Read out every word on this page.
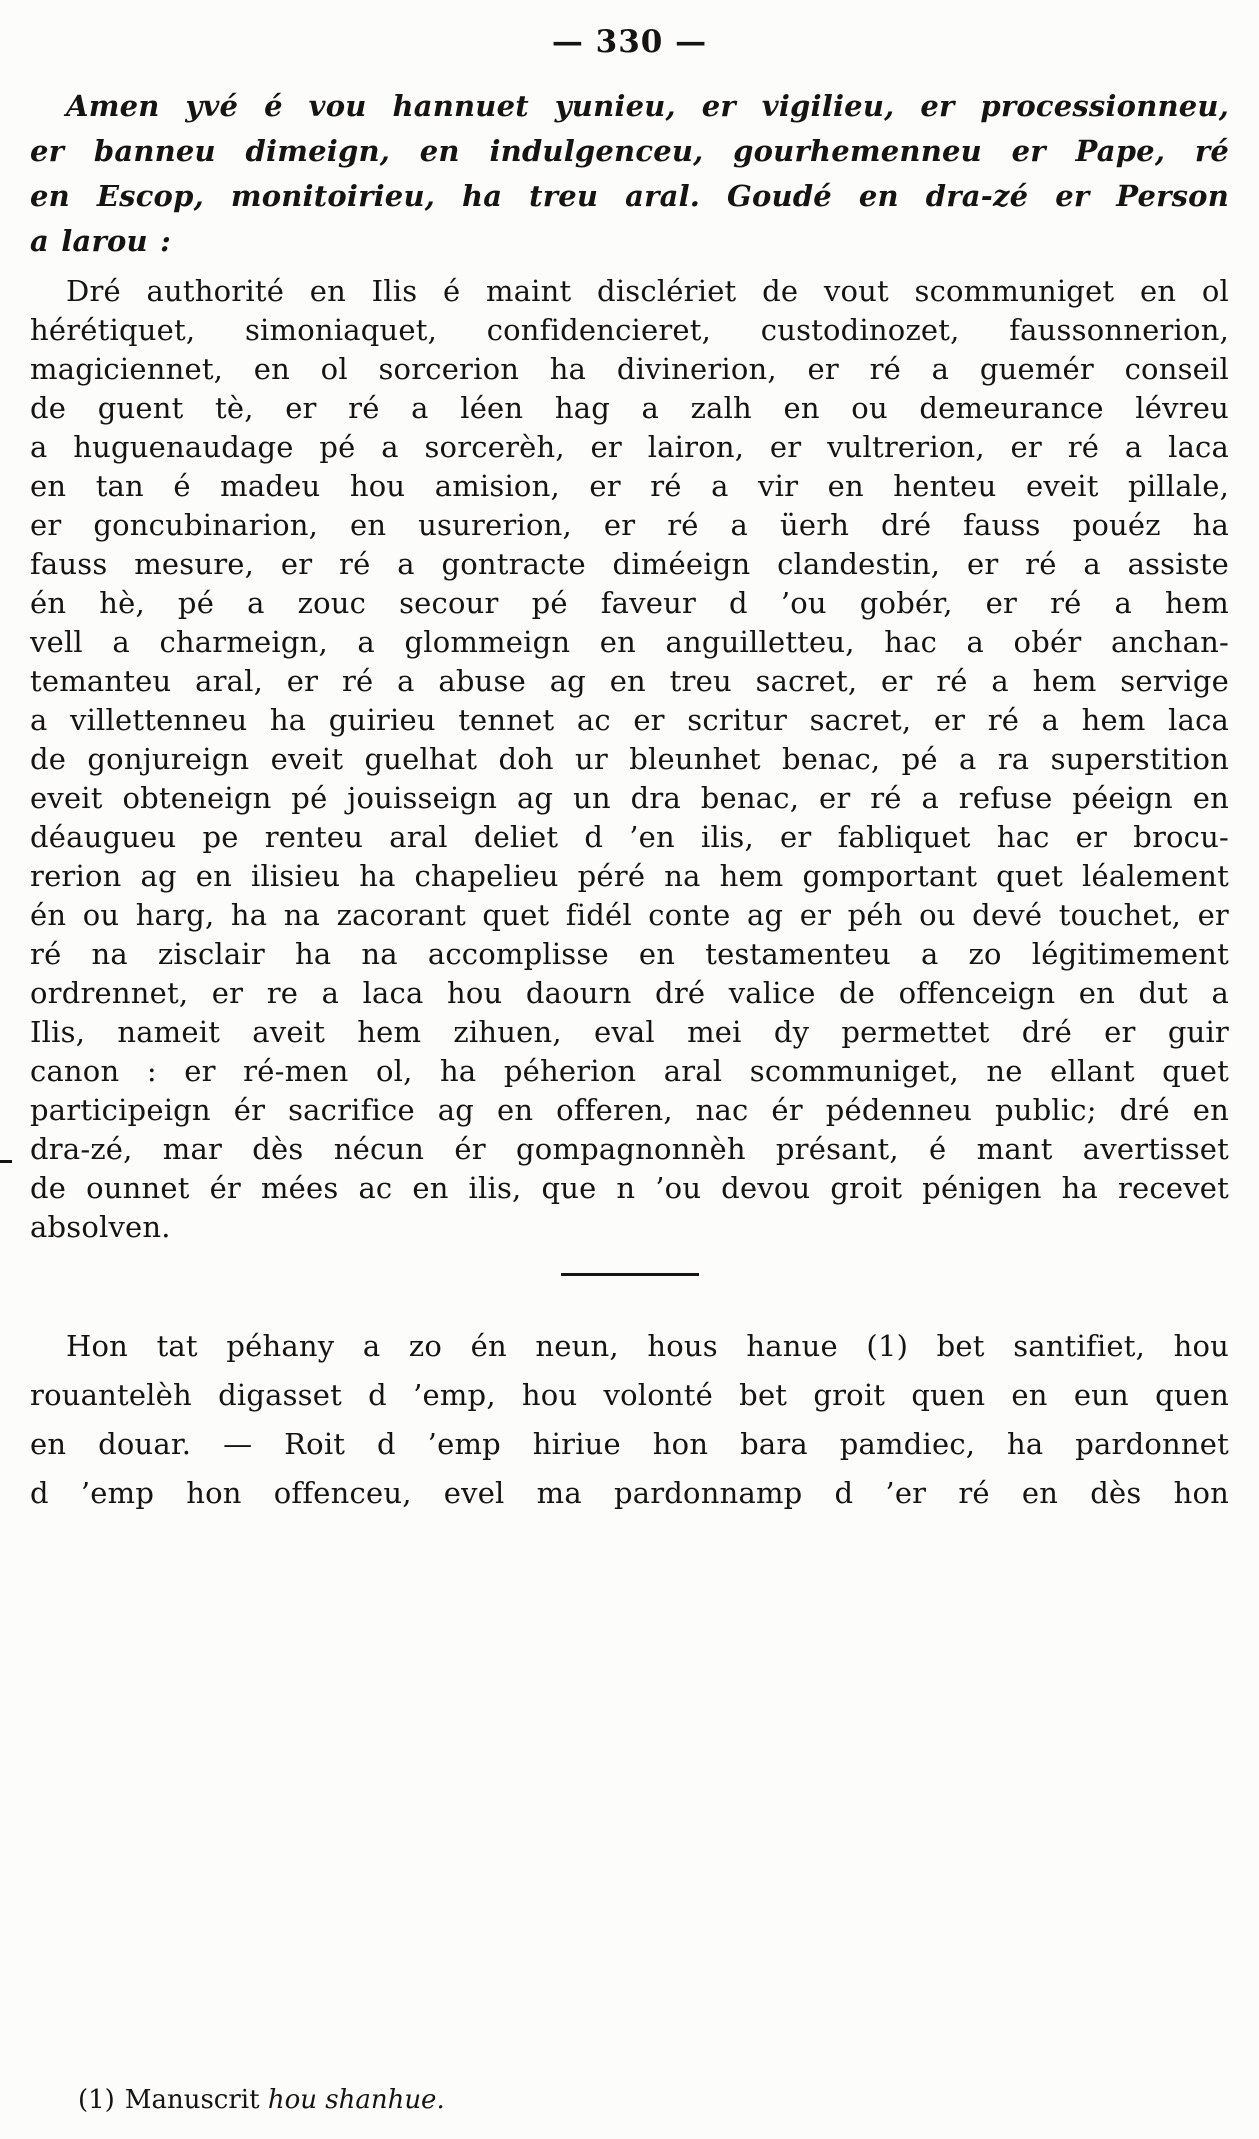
— 330 —
Amen yvé é vou hannuet yunieu, er vigilieu, er processionneu,
er banneu dimeign, en indulgenceu, gourhemenneu er Pape, ré
en Escop, monitoirieu, ha treu aral. Goudé en dra-zé er Person
a larou :
Dré authorité en Ilis é maint disclériet de vout scommuniget en ol
hérétiquet, simoniaquet, confidencieret, custodinozet, faussonnerion,
magiciennet, en ol sorcerion ha divinerion, er ré a guemér conseil
de guent tè, er ré a léen hag a zalh en ou demeurance lévreu
a huguenaudage pé a sorcerèh, er lairon, er vultrerion, er ré a laca
en tan é madeu hou amision, er ré a vir en henteu eveit pillale,
er goncubinarion, en usurerion, er ré a üerh dré fauss pouéz ha
fauss mesure, er ré a gontracte diméeign clandestin, er ré a assiste
én hè, pé a zouc secour pé faveur d ’ou gobér, er ré a hem
vell a charmeign, a glommeign en anguilletteu, hac a obér anchan-
temanteu aral, er ré a abuse ag en treu sacret, er ré a hem servige
a villettenneu ha guirieu tennet ac er scritur sacret, er ré a hem laca
de gonjureign eveit guelhat doh ur bleunhet benac, pé a ra superstition
eveit obteneign pé jouisseign ag un dra benac, er ré a refuse péeign en
déaugueu pe renteu aral deliet d ’en ilis, er fabliquet hac er brocu-
rerion ag en ilisieu ha chapelieu péré na hem gomportant quet léalement
én ou harg, ha na zacorant quet fidél conte ag er péh ou devé touchet, er
ré na zisclair ha na accomplisse en testamenteu a zo légitimement
ordrennet, er re a laca hou daourn dré valice de offenceign en dut a
Ilis, nameit aveit hem zihuen, eval mei dy permettet dré er guir
canon : er ré-men ol, ha péherion aral scommuniget, ne ellant quet
participeign ér sacrifice ag en offeren, nac ér pédenneu public; dré en
dra-zé, mar dès nécun ér gompagnonnèh présant, é mant avertisset
de ounnet ér mées ac en ilis, que n ’ou devou groit pénigen ha recevet
absolven.
Hon tat péhany a zo én neun, hous hanue (1) bet santifiet, hou
rouantelèh digasset d ’emp, hou volonté bet groit quen en eun quen
en douar. — Roit d ’emp hiriue hon bara pamdiec, ha pardonnet
d ’emp hon offenceu, evel ma pardonnamp d ’er ré en dès hon
(1) Manuscrit hou shanhue.
